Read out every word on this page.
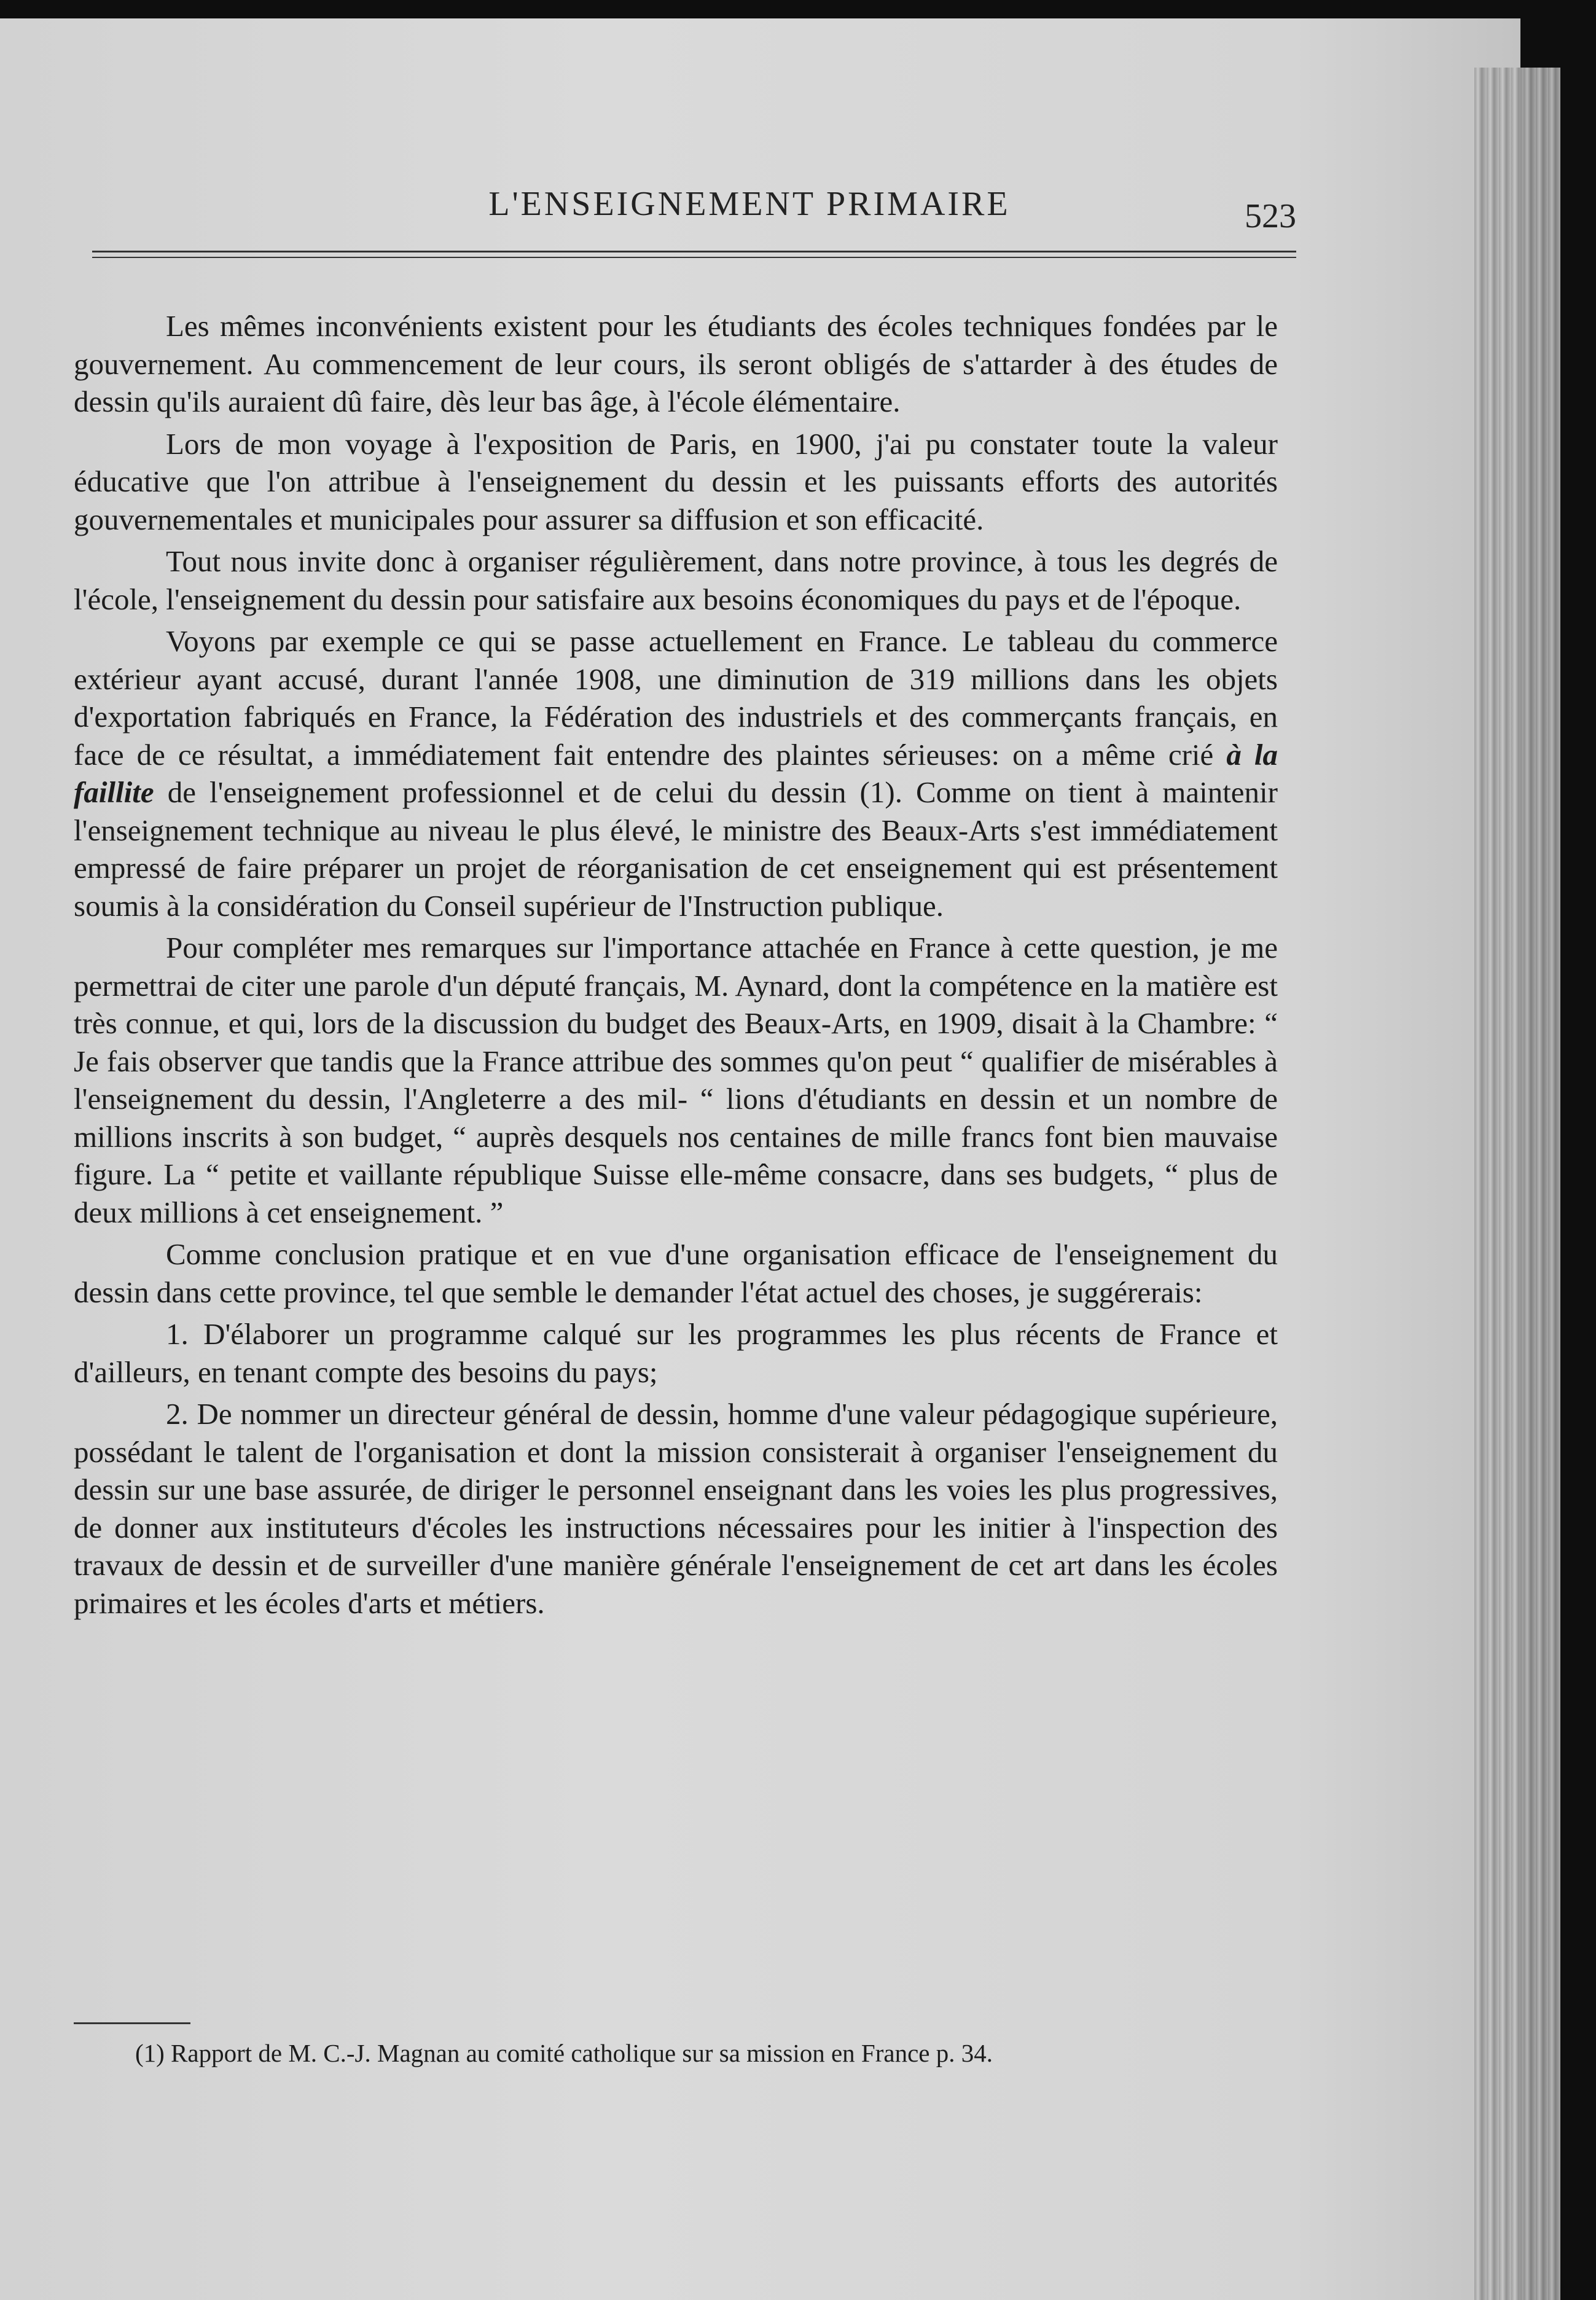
L'ENSEIGNEMENT PRIMAIRE	523

Les mêmes inconvénients existent pour les étudiants des écoles techniques fondées par le gouvernement. Au commencement de leur cours, ils seront obligés de s'attarder à des études de dessin qu'ils auraient dû faire, dès leur bas âge, à l'école élémentaire.

Lors de mon voyage à l'exposition de Paris, en 1900, j'ai pu constater toute la valeur éducative que l'on attribue à l'enseignement du dessin et les puissants efforts des autorités gouvernementales et municipales pour assurer sa diffusion et son efficacité.

Tout nous invite donc à organiser régulièrement, dans notre province, à tous les degrés de l'école, l'enseignement du dessin pour satisfaire aux besoins économiques du pays et de l'époque.

Voyons par exemple ce qui se passe actuellement en France. Le tableau du commerce extérieur ayant accusé, durant l'année 1908, une diminution de 319 millions dans les objets d'exportation fabriqués en France, la Fédération des industriels et des commerçants français, en face de ce résultat, a immédiatement fait entendre des plaintes sérieuses: on a même crié à la faillite de l'enseignement professionnel et de celui du dessin (1). Comme on tient à maintenir l'enseignement technique au niveau le plus élevé, le ministre des Beaux-Arts s'est immédiatement empressé de faire préparer un projet de réorganisation de cet enseignement qui est présentement soumis à la considération du Conseil supérieur de l'Instruction publique.

Pour compléter mes remarques sur l'importance attachée en France à cette question, je me permettrai de citer une parole d'un député français, M. Aynard, dont la compétence en la matière est très connue, et qui, lors de la discussion du budget des Beaux-Arts, en 1909, disait à la Chambre: “ Je fais observer que tandis que la France attribue des sommes qu'on peut “ qualifier de misérables à l'enseignement du dessin, l'Angleterre a des mil- “ lions d'étudiants en dessin et un nombre de millions inscrits à son budget, “ auprès desquels nos centaines de mille francs font bien mauvaise figure. La “ petite et vaillante république Suisse elle-même consacre, dans ses budgets, “ plus de deux millions à cet enseignement. ”

Comme conclusion pratique et en vue d'une organisation efficace de l'enseignement du dessin dans cette province, tel que semble le demander l'état actuel des choses, je suggérerais:

1. D'élaborer un programme calqué sur les programmes les plus récents de France et d'ailleurs, en tenant compte des besoins du pays;

2. De nommer un directeur général de dessin, homme d'une valeur pédagogique supérieure, possédant le talent de l'organisation et dont la mission consisterait à organiser l'enseignement du dessin sur une base assurée, de diriger le personnel enseignant dans les voies les plus progressives, de donner aux instituteurs d'écoles les instructions nécessaires pour les initier à l'inspection des travaux de dessin et de surveiller d'une manière générale l'enseignement de cet art dans les écoles primaires et les écoles d'arts et métiers.

(1) Rapport de M. C.-J. Magnan au comité catholique sur sa mission en France p. 34.
